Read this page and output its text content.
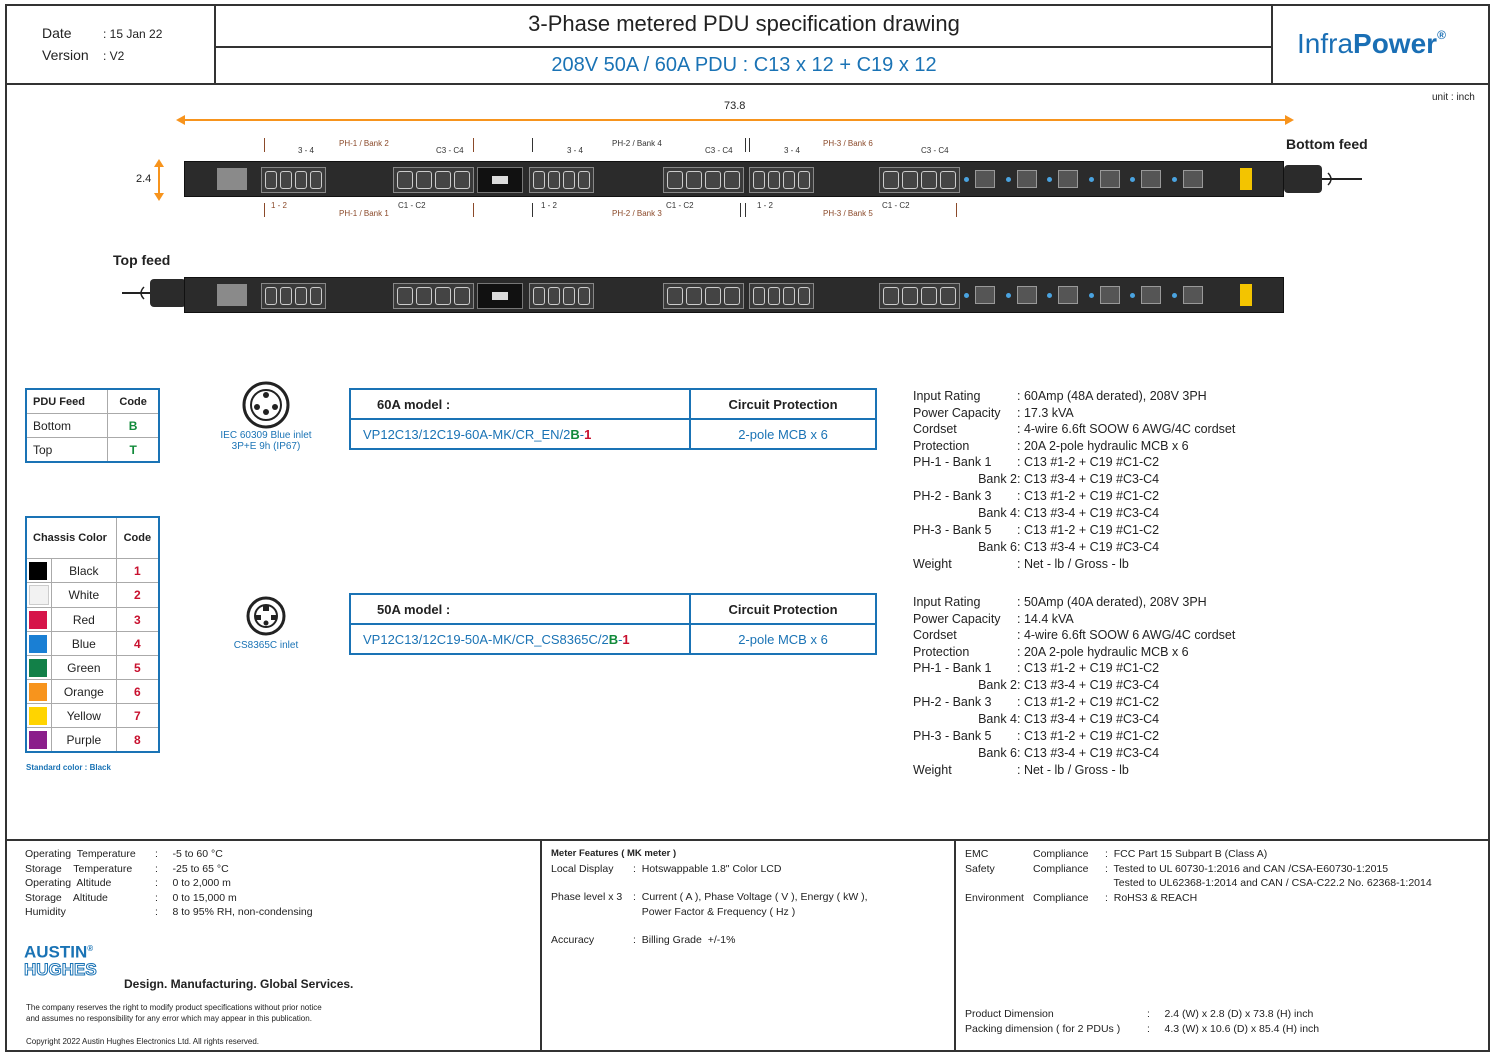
Date	: 15 Jan 22
Version : V2
3-Phase metered PDU specification drawing
208V 50A / 60A PDU : C13 x 12 + C19 x 12
InfraPower®
unit : inch
73.8
2.4
Bottom feed
Top feed
3 - 4
PH-1 / Bank 2
C3 - C4	3 - 4
PH-2 / Bank 4
C3 - C4	3 - 4
PH-3 / Bank 6
C3 - C4
1 - 2	C1 - C2
PH-1 / Bank 1
1 - 2	C1 - C2
PH-2 / Bank 3
1 - 2	C1 - C2
PH-3 / Bank 5
PDU Feed	Code
Bottom	B
Top	T
Chassis Color		Code
	Black	1
	White	2
	Red	3
	Blue	4
	Green	5
	Orange	6
	Yellow	7
	Purple	8
Standard color : Black
IEC 60309 Blue inlet
3P+E 9h (IP67)
CS8365C inlet
60A model :	Circuit Protection
VP12C13/12C19-60A-MK/CR_EN/2B-1	2-pole MCB x 6
50A model :	Circuit Protection
VP12C13/12C19-50A-MK/CR_CS8365C/2B-1	2-pole MCB x 6
Input Rating	: 60Amp (48A derated), 208V 3PH
Power Capacity : 17.3 kVA
Cordset	: 4-wire 6.6ft SOOW 6 AWG/4C cordset
Protection	: 20A 2-pole hydraulic MCB x 6
PH-1 - Bank 1 : C13 #1-2 + C19 #C1-C2
Bank 2: C13 #3-4 + C19 #C3-C4
PH-2 - Bank 3 : C13 #1-2 + C19 #C1-C2
Bank 4: C13 #3-4 + C19 #C3-C4
PH-3 - Bank 5 : C13 #1-2 + C19 #C1-C2
Bank 6: C13 #3-4 + C19 #C3-C4
Weight	: Net - lb / Gross - lb
Input Rating	: 50Amp (40A derated), 208V 3PH
Power Capacity : 14.4 kVA
Cordset	: 4-wire 6.6ft SOOW 6 AWG/4C cordset
Protection	: 20A 2-pole hydraulic MCB x 6
PH-1 - Bank 1 : C13 #1-2 + C19 #C1-C2
Bank 2: C13 #3-4 + C19 #C3-C4
PH-2 - Bank 3 : C13 #1-2 + C19 #C1-C2
Bank 4: C13 #3-4 + C19 #C3-C4
PH-3 - Bank 5 : C13 #1-2 + C19 #C1-C2
Bank 6: C13 #3-4 + C19 #C3-C4
Weight	: Net - lb / Gross - lb
Operating  Temperature :     -5 to 60 °C
Storage    Temperature :     -25 to 65 °C
Operating  Altitude	:     0 to 2,000 m
Storage    Altitude	:     0 to 15,000 m
Humidity	:     8 to 95% RH, non-condensing
AUSTIN®
HUGHES
Design. Manufacturing. Global Services.
The company reserves the right to modify product specifications without prior notice
and assumes no responsibility for any error which may appear in this publication.
Copyright 2022 Austin Hughes Electronics Ltd. All rights reserved.
Meter Features ( MK meter )
Local Display :  Hotswappable 1.8" Color LCD
Phase level x 3 :  Current ( A ), Phase Voltage ( V ), Energy ( kW ),
Power Factor & Frequency ( Hz )
Accuracy	:  Billing Grade  +/-1%
EMC	Compliance :  FCC Part 15 Subpart B (Class A)
Safety	Compliance :  Tested to UL 60730-1:2016 and CAN /CSA-E60730-1:2015
Tested to UL62368-1:2014 and CAN / CSA-C22.2 No. 62368-1:2014
Environment Compliance :  RoHS3 & REACH
Product Dimension	:     2.4 (W) x 2.8 (D) x 73.8 (H) inch
Packing dimension ( for 2 PDUs )	:     4.3 (W) x 10.6 (D) x 85.4 (H) inch
